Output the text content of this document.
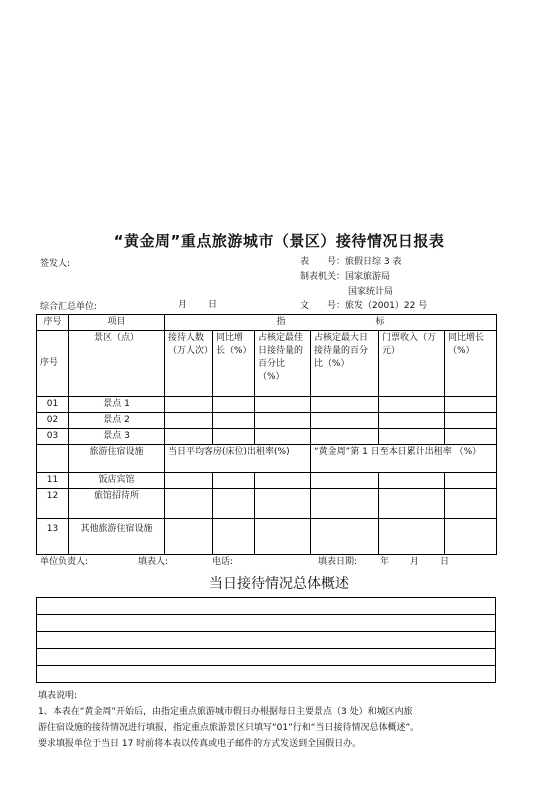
“黄金周”重点旅游城市（景区）接待情况日报表
签发人:	表　　号：旅假日综 3 表
制表机关：国家旅游局
国家统计局
综合汇总单位:	月 日	文　　号：旅发（2001）22 号
序号	项目	指 标					
序号	景区（点）	接待人数（万人次）	同比增长（%）	占核定最佳日接待量的百分比（%）	占核定最大日接待量的百分比（%）	门票收入（万元）	同比增长（%）
01	景点 1						
02	景点 2						
03	景点 3						
	旅游住宿设施	当日平均客房(床位)出租率(%)			“黄金周”第 1 日至本日累计出租率 （%）		
11	饭店宾馆						
12	旅馆招待所						
13	其他旅游住宿设施						
单位负责人:	填表人:	电话:	填表日期:	年 月 日
当日接待情况总体概述

填表说明:

1、本表在“黄金周”开始后，由指定重点旅游城市假日办根据每日主要景点（3 处）和城区内旅

游住宿设施的接待情况进行填报，指定重点旅游景区只填写“01”行和“当日接待情况总体概述”。

要求填报单位于当日 17 时前将本表以传真或电子邮件的方式发送到全国假日办。
